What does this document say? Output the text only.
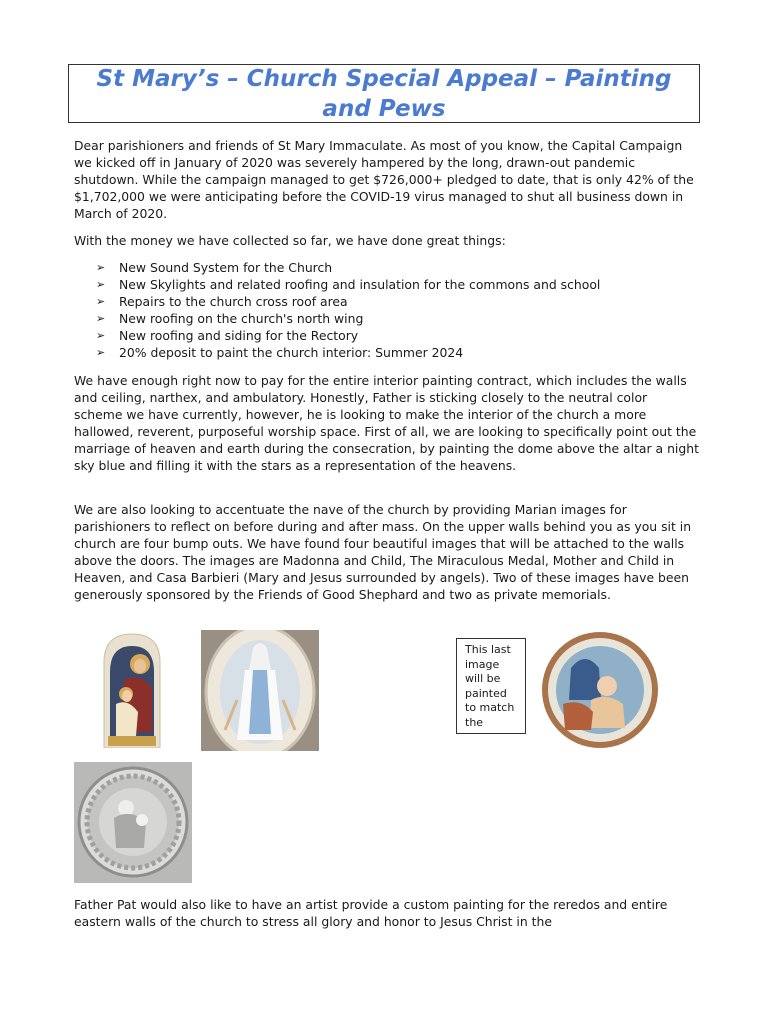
St Mary’s – Church Special Appeal – Painting and Pews

Dear parishioners and friends of St Mary Immaculate. As most of you know, the Capital Campaign we kicked off in January of 2020 was severely hampered by the long, drawn-out pandemic shutdown. While the campaign managed to get $726,000+ pledged to date, that is only 42% of the $1,702,000 we were anticipating before the COVID-19 virus managed to shut all business down in March of 2020.

With the money we have collected so far, we have done great things:

➢	New Sound System for the Church
➢	New Skylights and related roofing and insulation for the commons and school
➢	Repairs to the church cross roof area
➢	New roofing on the church's north wing
➢	New roofing and siding for the Rectory
➢	20% deposit to paint the church interior: Summer 2024

We have enough right now to pay for the entire interior painting contract, which includes the walls and ceiling, narthex, and ambulatory. Honestly, Father is sticking closely to the neutral color scheme we have currently, however, he is looking to make the interior of the church a more hallowed, reverent, purposeful worship space. First of all, we are looking to specifically point out the marriage of heaven and earth during the consecration, by painting the dome above the altar a night sky blue and filling it with the stars as a representation of the heavens.

We are also looking to accentuate the nave of the church by providing Marian images for parishioners to reflect on before during and after mass. On the upper walls behind you as you sit in church are four bump outs. We have found four beautiful images that will be attached to the walls above the doors. The images are Madonna and Child, The Miraculous Medal, Mother and Child in Heaven, and Casa Barbieri (Mary and Jesus surrounded by angels). Two of these images have been generously sponsored by the Friends of Good Shephard and two as private memorials.

This last image will be painted to match the

Father Pat would also like to have an artist provide a custom painting for the reredos and entire eastern walls of the church to stress all glory and honor to Jesus Christ in the
